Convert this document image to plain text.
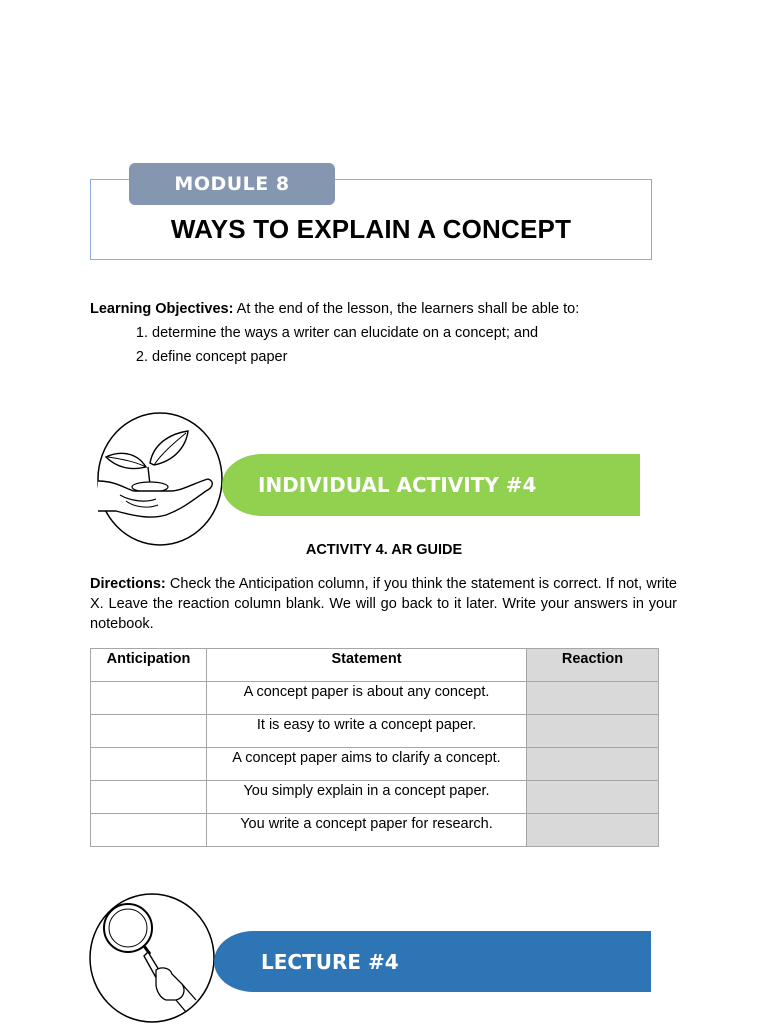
MODULE 8
WAYS TO EXPLAIN A CONCEPT
Learning Objectives: At the end of the lesson, the learners shall be able to:
1. determine the ways a writer can elucidate on a concept; and
2. define concept paper
INDIVIDUAL ACTIVITY #4
ACTIVITY 4. AR GUIDE
Directions: Check the Anticipation column, if you think the statement is correct. If not, write X. Leave the reaction column blank. We will go back to it later. Write your answers in your notebook.
Anticipation	Statement	Reaction
	A concept paper is about any concept.	
	It is easy to write a concept paper.	
	A concept paper aims to clarify a concept.	
	You simply explain in a concept paper.	
	You write a concept paper for research.	
LECTURE #4
